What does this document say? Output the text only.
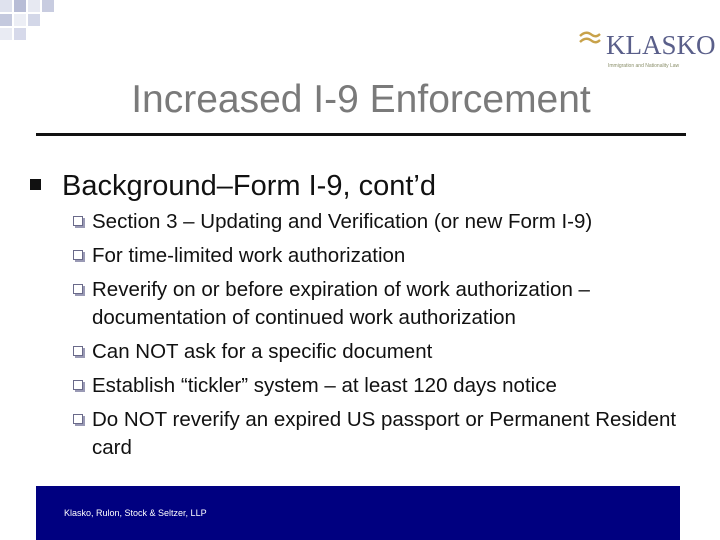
KLASKO
Immigration and Nationality Law
Increased I-9 Enforcement
Background–Form I-9, cont’d
Section 3 – Updating and Verification (or new Form I-9)
For time-limited work authorization
Reverify on or before expiration of work authorization – documentation of continued work authorization
Can NOT ask for a specific document
Establish “tickler” system – at least 120 days notice
Do NOT reverify an expired US passport or Permanent Resident card
Klasko, Rulon, Stock & Seltzer, LLP
